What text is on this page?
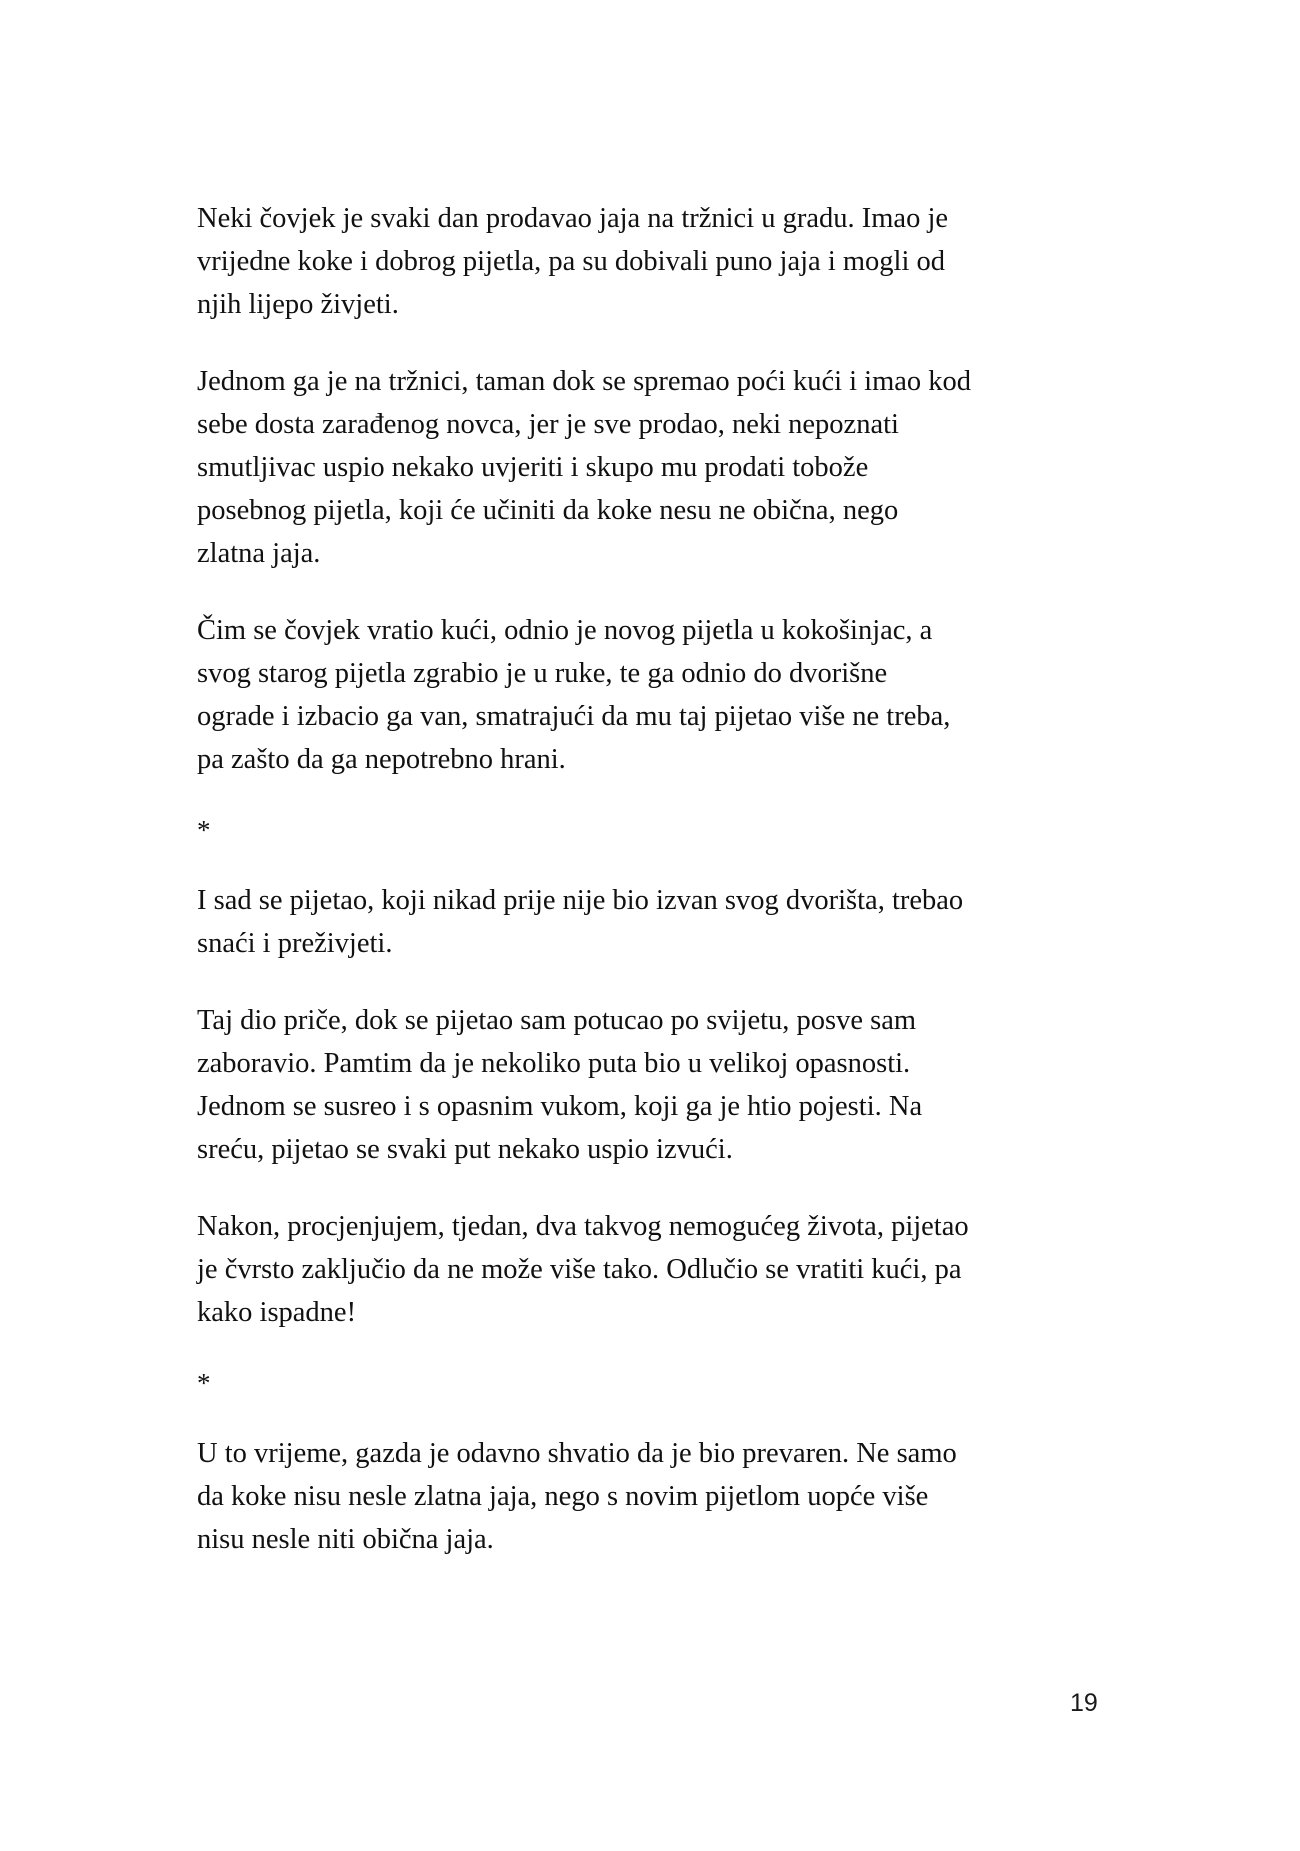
Neki čovjek je svaki dan prodavao jaja na tržnici u gradu. Imao je
vrijedne koke i dobrog pijetla, pa su dobivali puno jaja i mogli od
njih lijepo živjeti.

Jednom ga je na tržnici, taman dok se spremao poći kući i imao kod
sebe dosta zarađenog novca, jer je sve prodao, neki nepoznati
smutljivac uspio nekako uvjeriti i skupo mu prodati tobože
posebnog pijetla, koji će učiniti da koke nesu ne obična, nego
zlatna jaja.

Čim se čovjek vratio kući, odnio je novog pijetla u kokošinjac, a
svog starog pijetla zgrabio je u ruke, te ga odnio do dvorišne
ograde i izbacio ga van, smatrajući da mu taj pijetao više ne treba,
pa zašto da ga nepotrebno hrani.

*

I sad se pijetao, koji nikad prije nije bio izvan svog dvorišta, trebao
snaći i preživjeti.

Taj dio priče, dok se pijetao sam potucao po svijetu, posve sam
zaboravio. Pamtim da je nekoliko puta bio u velikoj opasnosti.
Jednom se susreo i s opasnim vukom, koji ga je htio pojesti. Na
sreću, pijetao se svaki put nekako uspio izvući.

Nakon, procjenjujem, tjedan, dva takvog nemogućeg života, pijetao
je čvrsto zaključio da ne može više tako. Odlučio se vratiti kući, pa
kako ispadne!

*

U to vrijeme, gazda je odavno shvatio da je bio prevaren. Ne samo
da koke nisu nesle zlatna jaja, nego s novim pijetlom uopće više
nisu nesle niti obična jaja.

19
